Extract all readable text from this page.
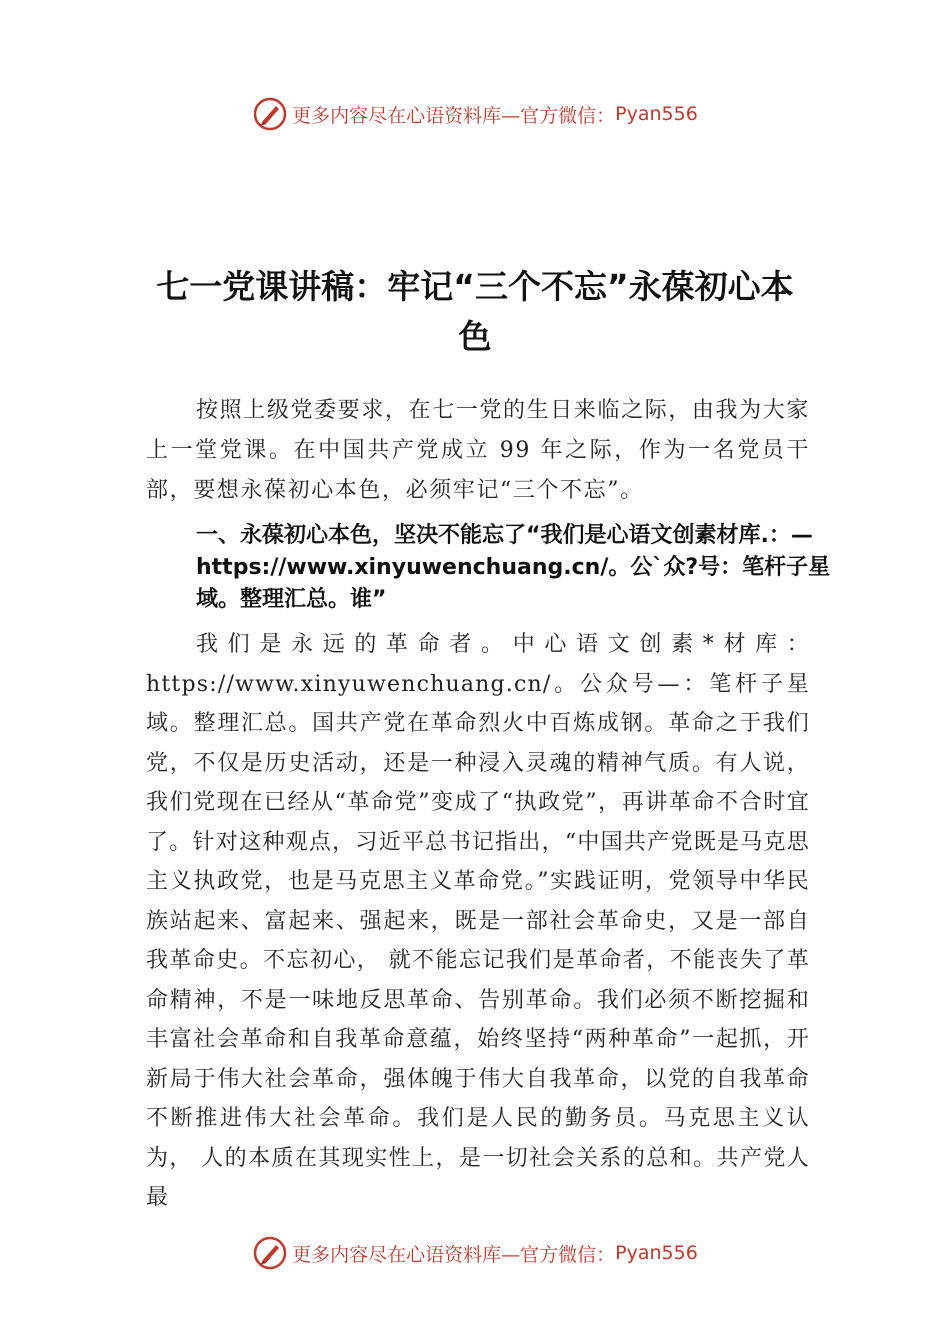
更多内容尽在心语资料库—官方微信： Pyan556
七一党课讲稿：牢记“三个不忘”永葆初心本色

按照上级党委要求，在七一党的生日来临之际，由我为大家上一堂党课。在中国共产党成立 99 年之际，作为一名党员干部，要想永葆初心本色，必须牢记“三个不忘”。

一、永葆初心本色，坚决不能忘了“我们是心语文创素材库.：—https://www.xinyuwenchuang.cn/。公`众?号：笔杆子星域。整理汇总。谁”

我们是永远的革命者。中心语文创素*材库：https://www.xinyuwenchuang.cn/。公众号—：笔杆子星域。整理汇总。国共产党在革命烈火中百炼成钢。革命之于我们党，不仅是历史活动，还是一种浸入灵魂的精神气质。有人说，我们党现在已经从“革命党”变成了“执政党”，再讲革命不合时宜了。针对这种观点，习近平总书记指出，“中国共产党既是马克思主义执政党，也是马克思主义革命党。”实践证明，党领导中华民族站起来、富起来、强起来，既是一部社会革命史，又是一部自我革命史。不忘初心， 就不能忘记我们是革命者，不能丧失了革命精神，不是一味地反思革命、告别革命。我们必须不断挖掘和丰富社会革命和自我革命意蕴，始终坚持“两种革命”一起抓，开新局于伟大社会革命，强体魄于伟大自我革命，以党的自我革命不断推进伟大社会革命。我们是人民的勤务员。马克思主义认为， 人的本质在其现实性上，是一切社会关系的总和。共产党人最

更多内容尽在心语资料库—官方微信： Pyan556
